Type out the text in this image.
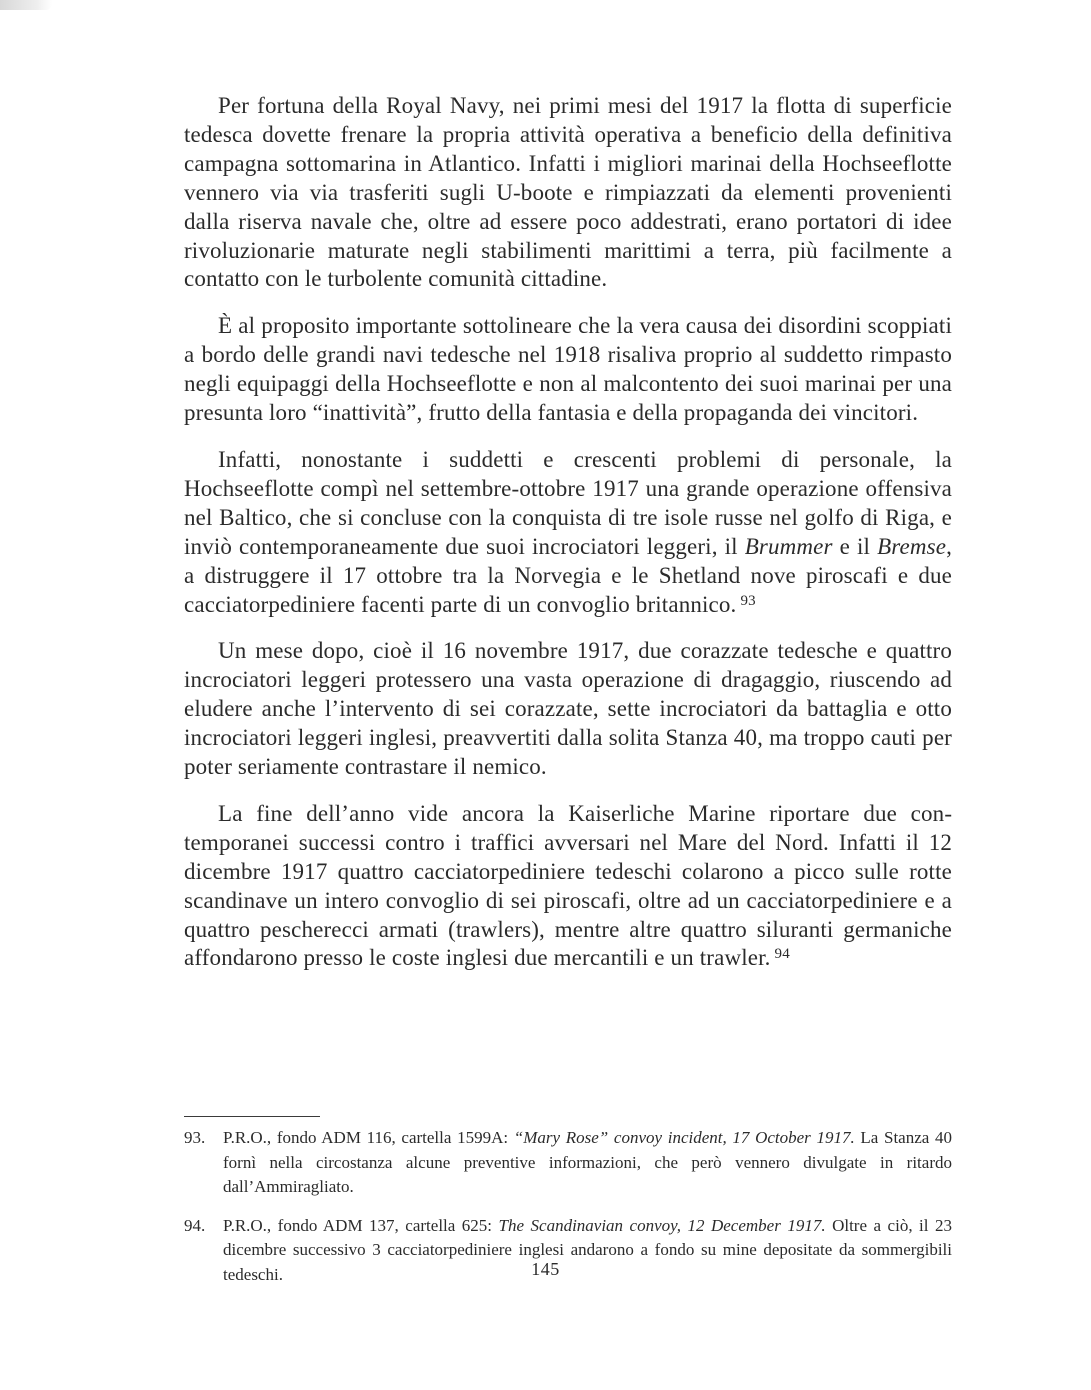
Per fortuna della Royal Navy, nei primi mesi del 1917 la flotta di superficie tedesca dovette frenare la propria attività operativa a beneficio della definitiva campagna sottomarina in Atlantico. Infatti i migliori marinai della Hochseeflotte vennero via via trasferiti sugli U-boote e rimpiazzati da elementi provenienti dalla riserva navale che, oltre ad essere poco addestrati, erano portatori di idee rivoluzionarie maturate negli stabilimenti marittimi a terra, più facilmente a contatto con le turbolente comunità cittadine.

È al proposito importante sottolineare che la vera causa dei disordini scoppiati a bordo delle grandi navi tedesche nel 1918 risaliva proprio al suddetto rimpasto negli equipaggi della Hochseeflotte e non al malcontento dei suoi marinai per una presunta loro “inattività”, frutto della fantasia e della propaganda dei vincitori.

Infatti, nonostante i suddetti e crescenti problemi di personale, la Hochseeflotte compì nel settembre-ottobre 1917 una grande operazione offensiva nel Baltico, che si concluse con la conquista di tre isole russe nel golfo di Riga, e inviò contemporaneamente due suoi incrociatori leggeri, il Brummer e il Bremse, a distruggere il 17 ottobre tra la Norvegia e le Shetland nove piroscafi e due cacciatorpediniere facenti parte di un convoglio britannico. $^{93}$

Un mese dopo, cioè il 16 novembre 1917, due corazzate tedesche e quattro incrociatori leggeri protessero una vasta operazione di dragaggio, riuscendo ad eludere anche l’intervento di sei corazzate, sette incrociatori da battaglia e otto incrociatori leggeri inglesi, preavvertiti dalla solita Stanza 40, ma troppo cauti per poter seriamente contrastare il nemico.

La fine dell’anno vide ancora la Kaiserliche Marine riportare due contemporanei successi contro i traffici avversari nel Mare del Nord. Infatti il 12 dicembre 1917 quattro cacciatorpediniere tedeschi colarono a picco sulle rotte scandinave un intero convoglio di sei piroscafi, oltre ad un cacciatorpediniere e a quattro pescherecci armati (trawlers), mentre altre quattro siluranti germaniche affondarono presso le coste inglesi due mercantili e un trawler. $^{94}$

93. P.R.O., fondo ADM 116, cartella 1599A: “Mary Rose” convoy incident, 17 October 1917. La Stanza 40 fornì nella circostanza alcune preventive informazioni, che però vennero divulgate in ritardo dall’Ammiragliato.
94. P.R.O., fondo ADM 137, cartella 625: The Scandinavian convoy, 12 December 1917. Oltre a ciò, il 23 dicembre successivo 3 cacciatorpediniere inglesi andarono a fondo su mine depositate da sommergibili tedeschi.	145
